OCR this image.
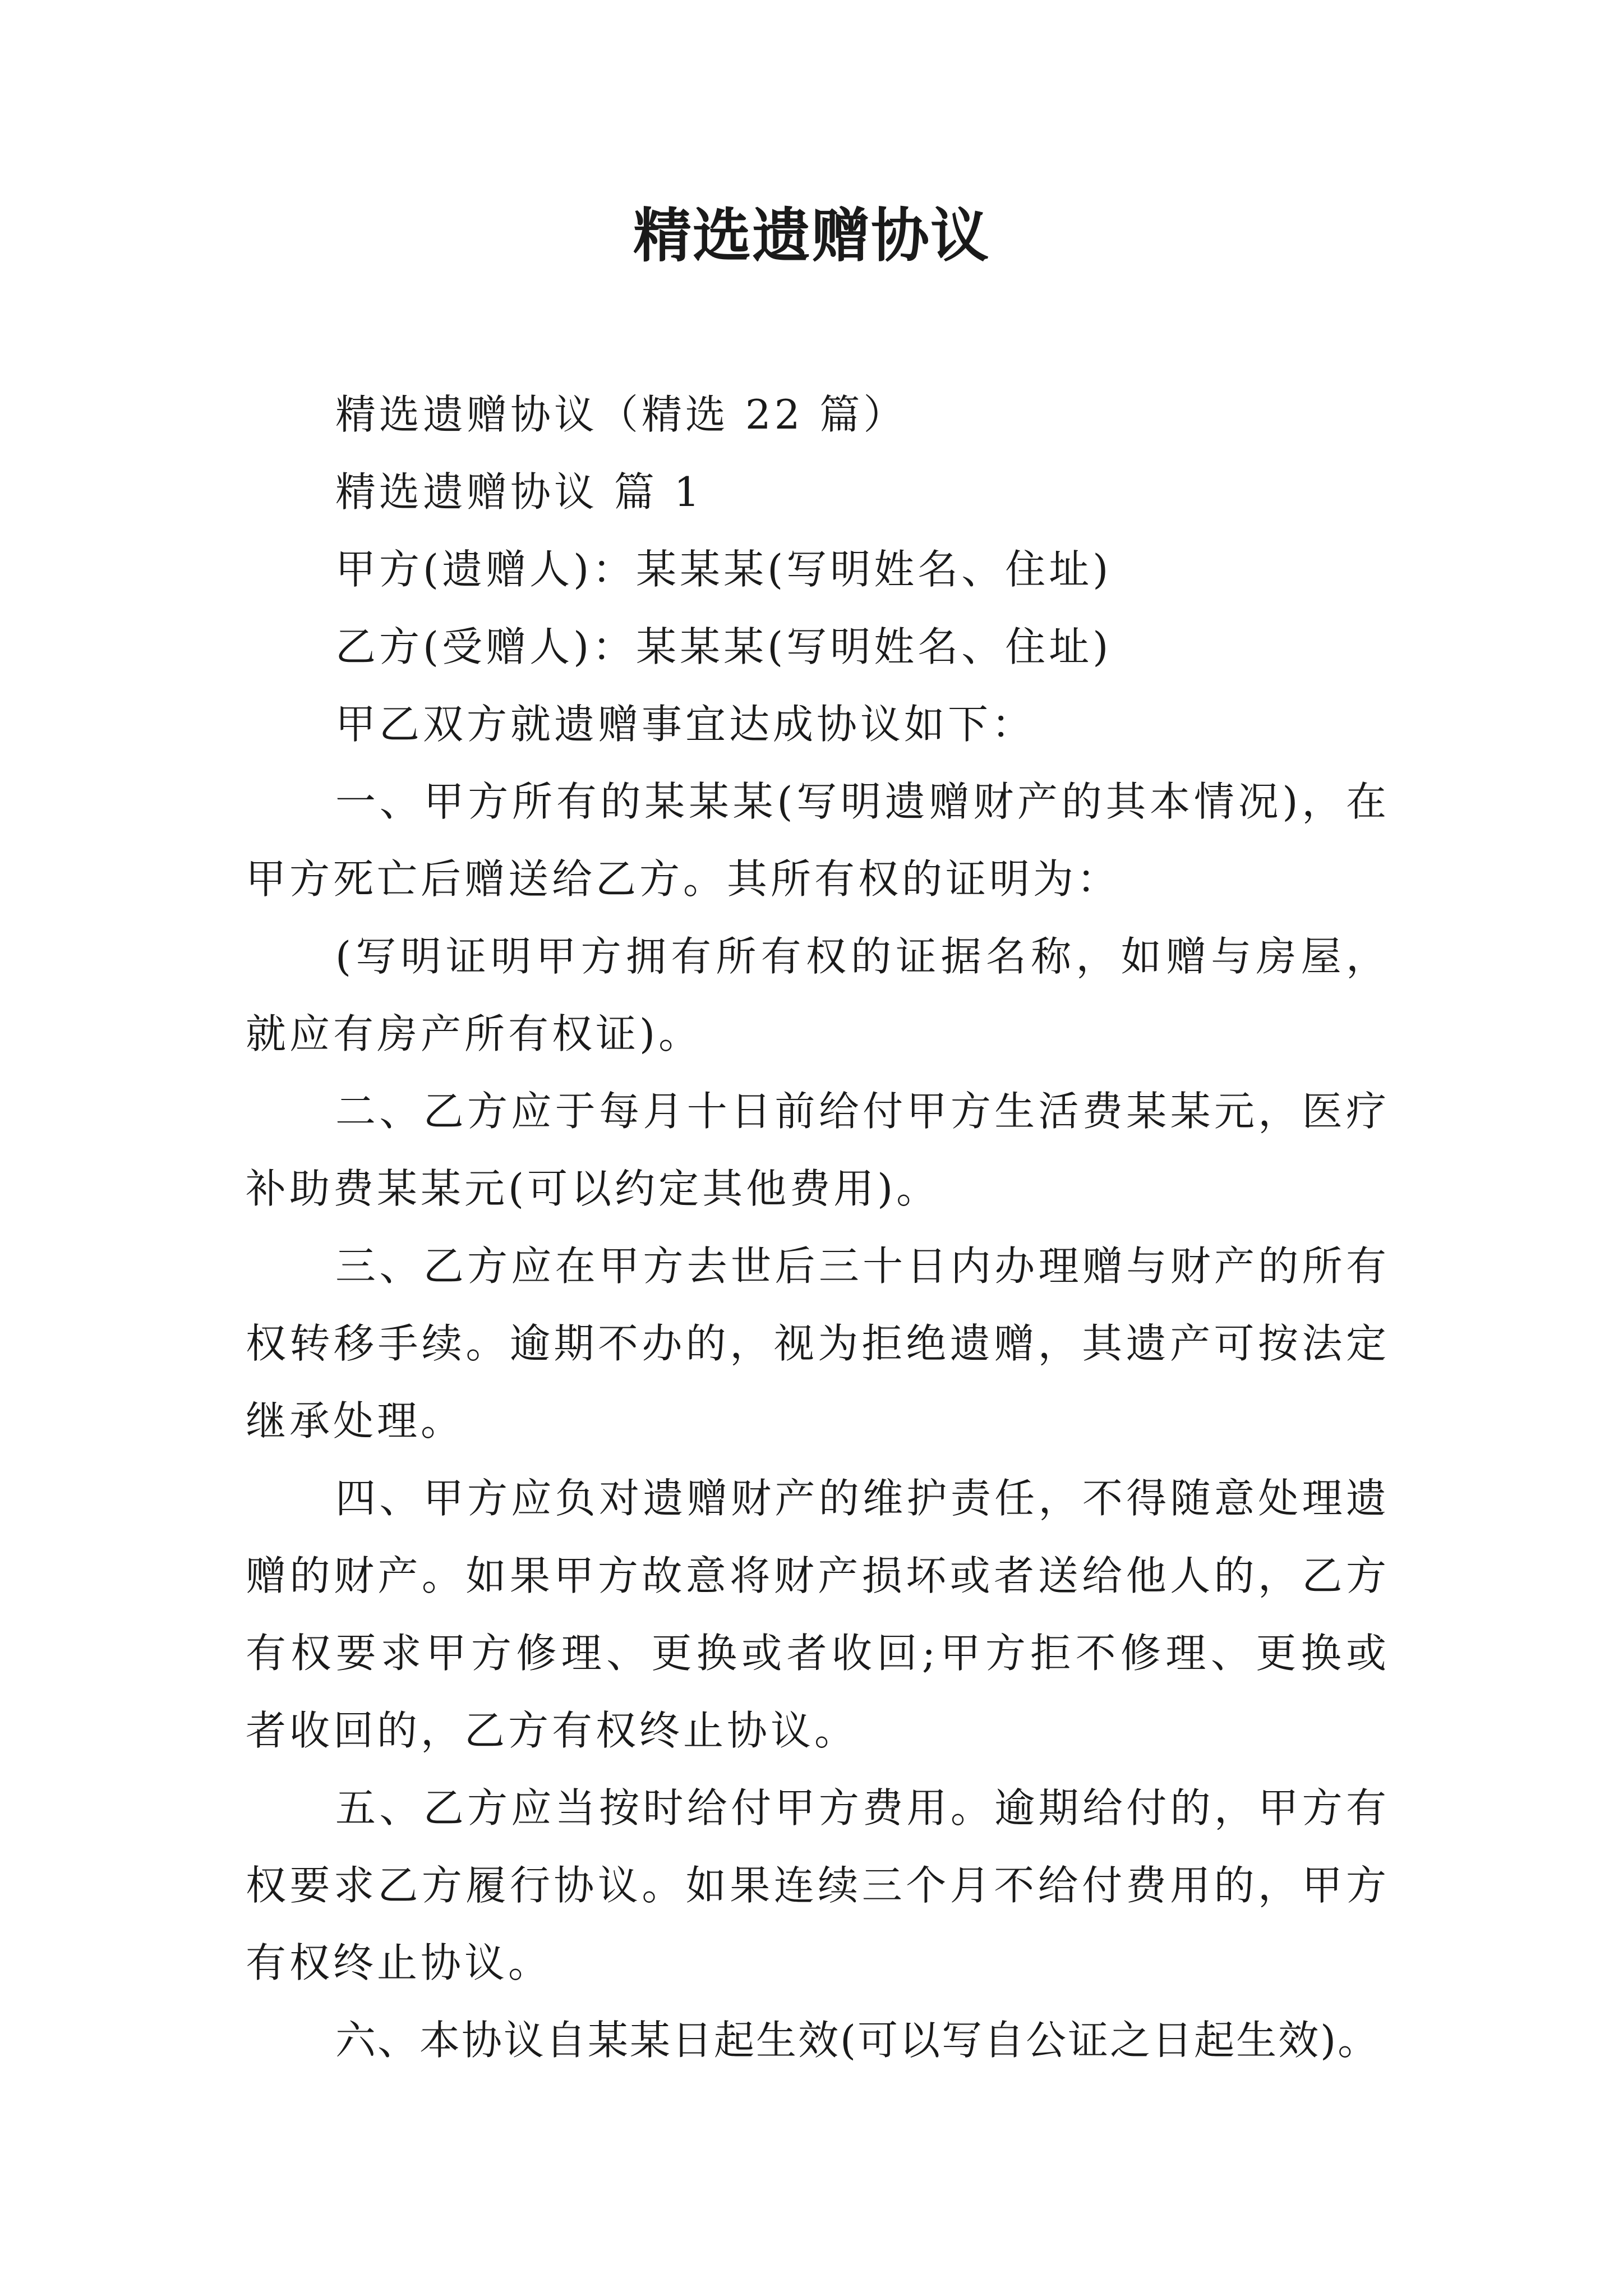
精选遗赠协议

精选遗赠协议（精选 22 篇）

精选遗赠协议 篇 1

甲方(遗赠人)：某某某(写明姓名、住址)

乙方(受赠人)：某某某(写明姓名、住址)

甲乙双方就遗赠事宜达成协议如下：

一、甲方所有的某某某(写明遗赠财产的其本情况)，在甲方死亡后赠送给乙方。其所有权的证明为：

(写明证明甲方拥有所有权的证据名称，如赠与房屋，就应有房产所有权证)。

二、乙方应于每月十日前给付甲方生活费某某元，医疗补助费某某元(可以约定其他费用)。

三、乙方应在甲方去世后三十日内办理赠与财产的所有权转移手续。逾期不办的，视为拒绝遗赠，其遗产可按法定继承处理。

四、甲方应负对遗赠财产的维护责任，不得随意处理遗赠的财产。如果甲方故意将财产损坏或者送给他人的，乙方有权要求甲方修理、更换或者收回;甲方拒不修理、更换或者收回的，乙方有权终止协议。

五、乙方应当按时给付甲方费用。逾期给付的，甲方有权要求乙方履行协议。如果连续三个月不给付费用的，甲方有权终止协议。

六、本协议自某某日起生效(可以写自公证之日起生效)。
